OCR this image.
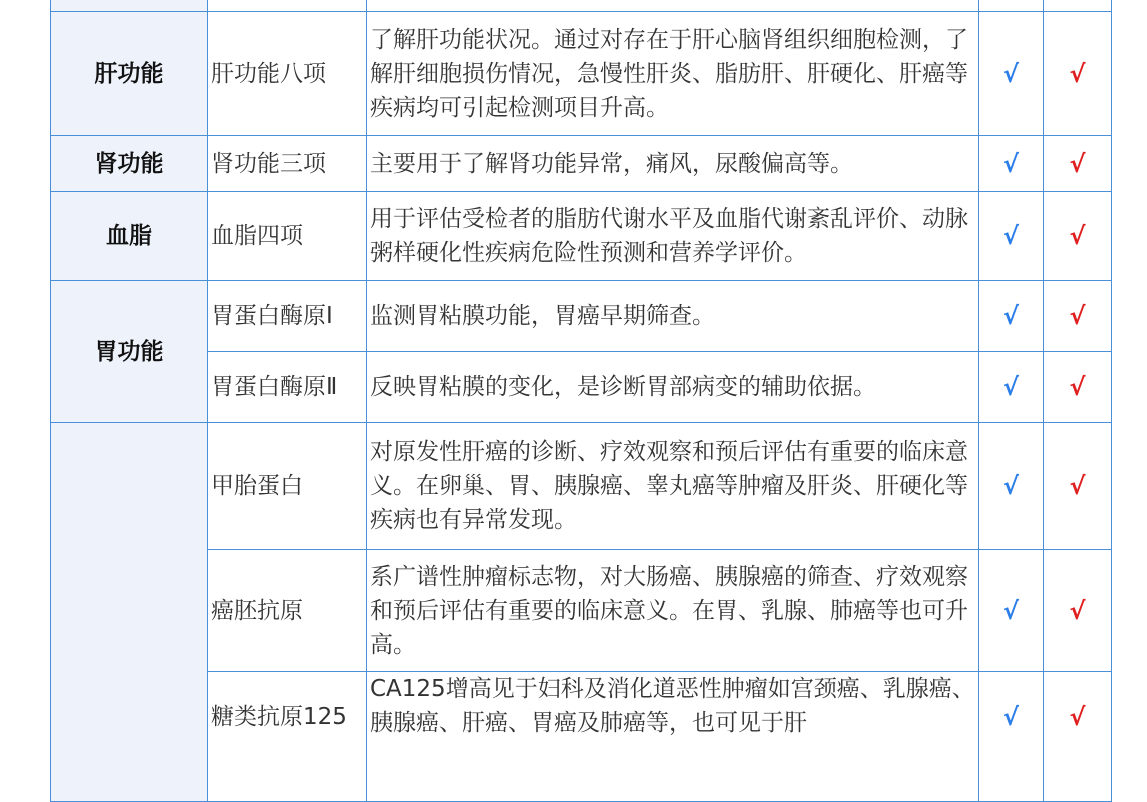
肝功能	肝功能八项	了解肝功能状况。通过对存在于肝心脑肾组织细胞检测，了解肝细胞损伤情况，急慢性肝炎、脂肪肝、肝硬化、肝癌等疾病均可引起检测项目升高。	√	√
肾功能	肾功能三项	主要用于了解肾功能异常，痛风，尿酸偏高等。	√	√
血脂	血脂四项	用于评估受检者的脂肪代谢水平及血脂代谢紊乱评价、动脉粥样硬化性疾病危险性预测和营养学评价。	√	√
胃功能	胃蛋白酶原Ⅰ	监测胃粘膜功能，胃癌早期筛查。	√	√
	胃蛋白酶原Ⅱ	反映胃粘膜的变化，是诊断胃部病变的辅助依据。	√	√
	甲胎蛋白	对原发性肝癌的诊断、疗效观察和预后评估有重要的临床意义。在卵巢、胃、胰腺癌、睾丸癌等肿瘤及肝炎、肝硬化等疾病也有异常发现。	√	√
	癌胚抗原	系广谱性肿瘤标志物，对大肠癌、胰腺癌的筛查、疗效观察和预后评估有重要的临床意义。在胃、乳腺、肺癌等也可升高。	√	√
	糖类抗原125	CA125增高见于妇科及消化道恶性肿瘤如宫颈癌、乳腺癌、胰腺癌、肝癌、胃癌及肺癌等，也可见于肝	√	√
